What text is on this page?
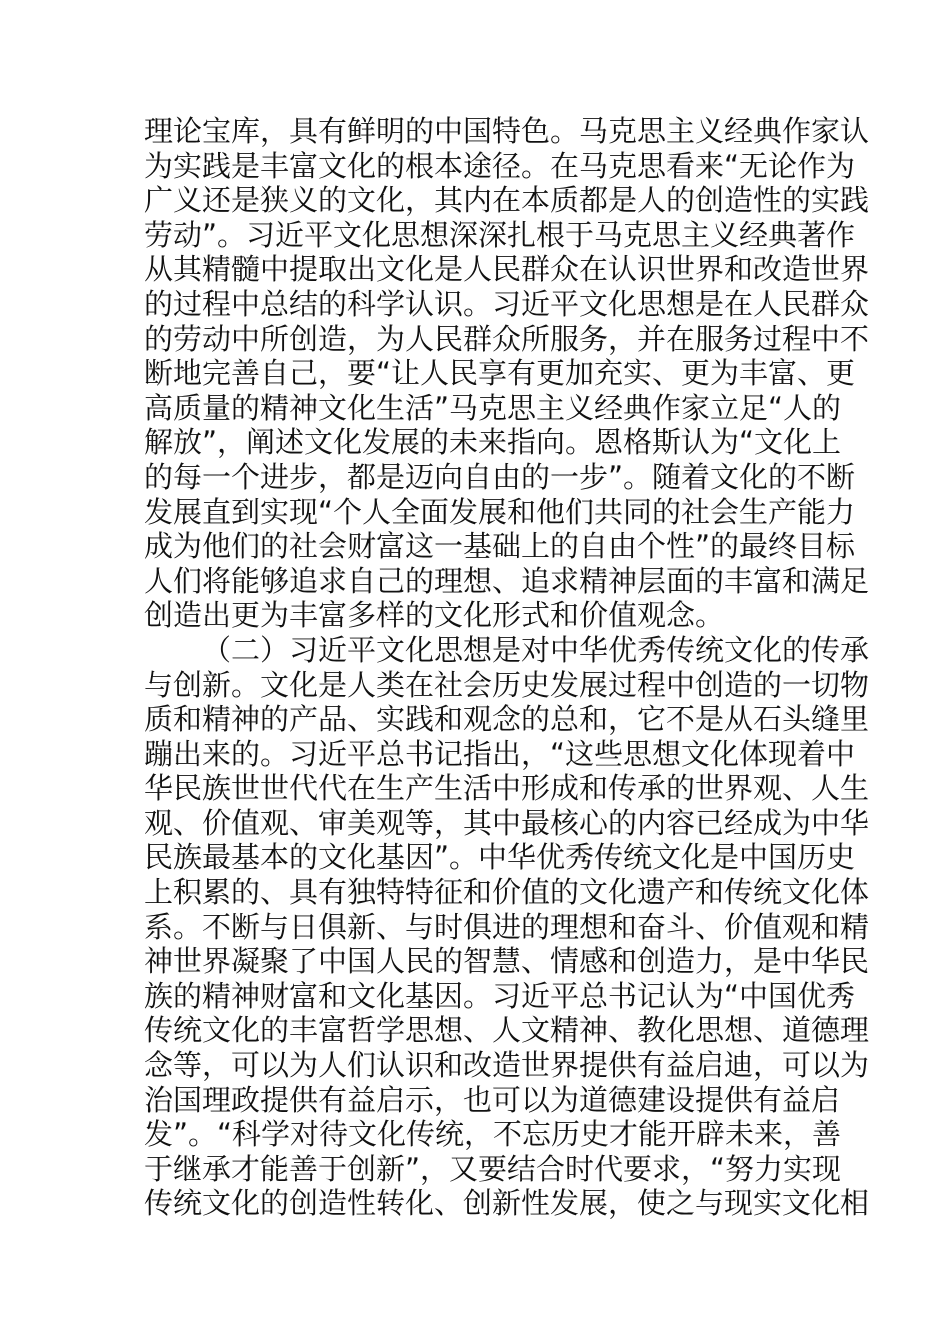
理论宝库，具有鲜明的中国特色。马克思主义经典作家认
为实践是丰富文化的根本途径。在马克思看来“无论作为
广义还是狭义的文化，其内在本质都是人的创造性的实践
劳动”。习近平文化思想深深扎根于马克思主义经典著作
从其精髓中提取出文化是人民群众在认识世界和改造世界
的过程中总结的科学认识。习近平文化思想是在人民群众
的劳动中所创造，为人民群众所服务，并在服务过程中不
断地完善自己，要“让人民享有更加充实、更为丰富、更
高质量的精神文化生活”马克思主义经典作家立足“人的
解放”，阐述文化发展的未来指向。恩格斯认为“文化上
的每一个进步，都是迈向自由的一步”。随着文化的不断
发展直到实现“个人全面发展和他们共同的社会生产能力
成为他们的社会财富这一基础上的自由个性”的最终目标
人们将能够追求自己的理想、追求精神层面的丰富和满足
创造出更为丰富多样的文化形式和价值观念。
（二）习近平文化思想是对中华优秀传统文化的传承
与创新。文化是人类在社会历史发展过程中创造的一切物
质和精神的产品、实践和观念的总和，它不是从石头缝里
蹦出来的。习近平总书记指出，“这些思想文化体现着中
华民族世世代代在生产生活中形成和传承的世界观、人生
观、价值观、审美观等，其中最核心的内容已经成为中华
民族最基本的文化基因”。中华优秀传统文化是中国历史
上积累的、具有独特特征和价值的文化遗产和传统文化体
系。不断与日俱新、与时俱进的理想和奋斗、价值观和精
神世界凝聚了中国人民的智慧、情感和创造力，是中华民
族的精神财富和文化基因。习近平总书记认为“中国优秀
传统文化的丰富哲学思想、人文精神、教化思想、道德理
念等，可以为人们认识和改造世界提供有益启迪，可以为
治国理政提供有益启示，也可以为道德建设提供有益启
发”。“科学对待文化传统，不忘历史才能开辟未来，善
于继承才能善于创新”，又要结合时代要求，“努力实现
传统文化的创造性转化、创新性发展，使之与现实文化相
